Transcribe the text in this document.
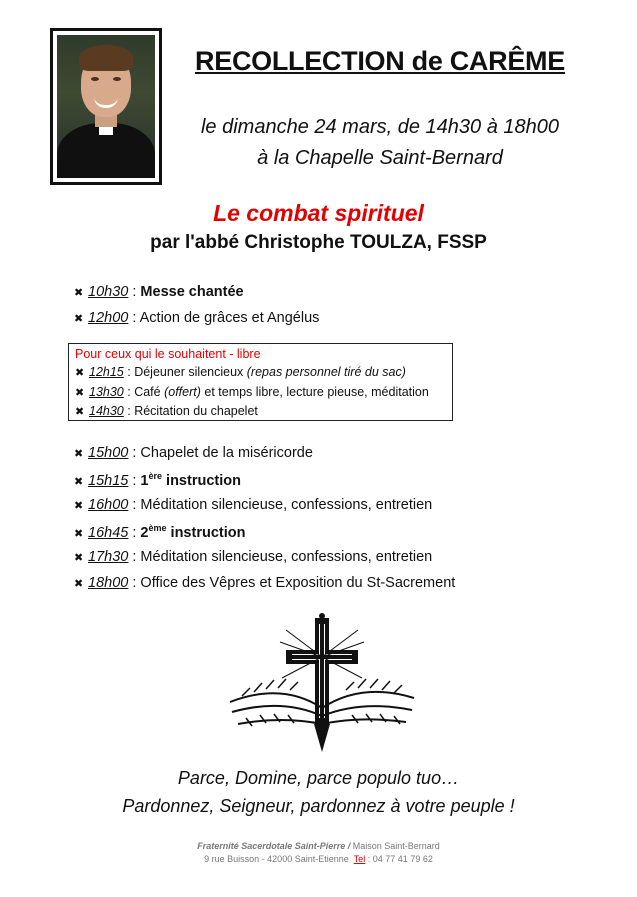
RECOLLECTION de CARÊME
le dimanche 24 mars, de 14h30 à 18h00
à la Chapelle Saint-Bernard
Le combat spirituel
par l'abbé Christophe TOULZA, FSSP
✖ 10h30 : Messe chantée
✖ 12h00 : Action de grâces et Angélus
Pour ceux qui le souhaitent - libre
✖ 12h15 : Déjeuner silencieux (repas personnel tiré du sac)
✖ 13h30 : Café (offert) et temps libre, lecture pieuse, méditation
✖ 14h30 : Récitation du chapelet
✖ 15h00 : Chapelet de la miséricorde
✖ 15h15 : 1ère instruction
✖ 16h00 : Méditation silencieuse, confessions, entretien
✖ 16h45 : 2ème instruction
✖ 17h30 : Méditation silencieuse, confessions, entretien
✖ 18h00 : Office des Vêpres et Exposition du St-Sacrement
Parce, Domine, parce populo tuo…
Pardonnez, Seigneur, pardonnez à votre peuple !
Fraternité Sacerdotale Saint-Pierre / Maison Saint-Bernard
9 rue Buisson - 42000 Saint-Etienne Tel : 04 77 41 79 62
